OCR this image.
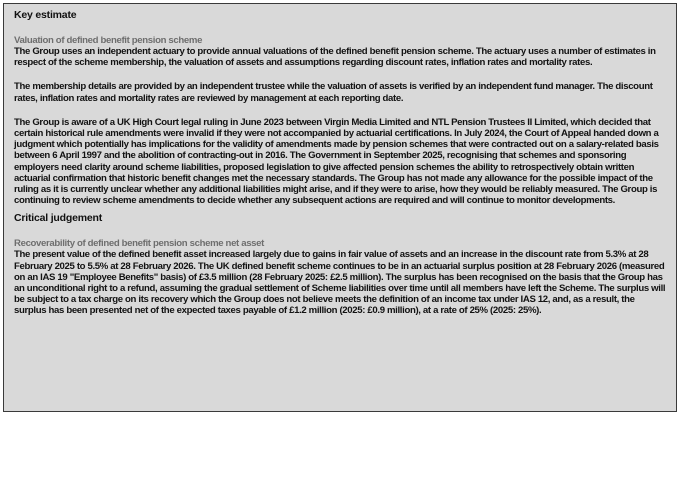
Key estimate

Valuation of defined benefit pension scheme

The Group uses an independent actuary to provide annual valuations of the defined benefit pension scheme. The actuary uses a number of estimates in respect of the scheme membership, the valuation of assets and assumptions regarding discount rates, inflation rates and mortality rates.

The membership details are provided by an independent trustee while the valuation of assets is verified by an independent fund manager. The discount rates, inflation rates and mortality rates are reviewed by management at each reporting date.

The Group is aware of a UK High Court legal ruling in June 2023 between Virgin Media Limited and NTL Pension Trustees II Limited, which decided that certain historical rule amendments were invalid if they were not accompanied by actuarial certifications. In July 2024, the Court of Appeal handed down a judgment which potentially has implications for the validity of amendments made by pension schemes that were contracted out on a salary-related basis between 6 April 1997 and the abolition of contracting-out in 2016. The Government in September 2025, recognising that schemes and sponsoring employers need clarity around scheme liabilities, proposed legislation to give affected pension schemes the ability to retrospectively obtain written actuarial confirmation that historic benefit changes met the necessary standards. The Group has not made any allowance for the possible impact of the ruling as it is currently unclear whether any additional liabilities might arise, and if they were to arise, how they would be reliably measured. The Group is continuing to review scheme amendments to decide whether any subsequent actions are required and will continue to monitor developments.

Critical judgement

Recoverability of defined benefit pension scheme net asset

The present value of the defined benefit asset increased largely due to gains in fair value of assets and an increase in the discount rate from 5.3% at 28 February 2025 to 5.5% at 28 February 2026. The UK defined benefit scheme continues to be in an actuarial surplus position at 28 February 2026 (measured on an IAS 19 "Employee Benefits" basis) of £3.5 million (28 February 2025: £2.5 million). The surplus has been recognised on the basis that the Group has an unconditional right to a refund, assuming the gradual settlement of Scheme liabilities over time until all members have left the Scheme. The surplus will be subject to a tax charge on its recovery which the Group does not believe meets the definition of an income tax under IAS 12, and, as a result, the surplus has been presented net of the expected taxes payable of £1.2 million (2025: £0.9 million), at a rate of 25% (2025: 25%).
